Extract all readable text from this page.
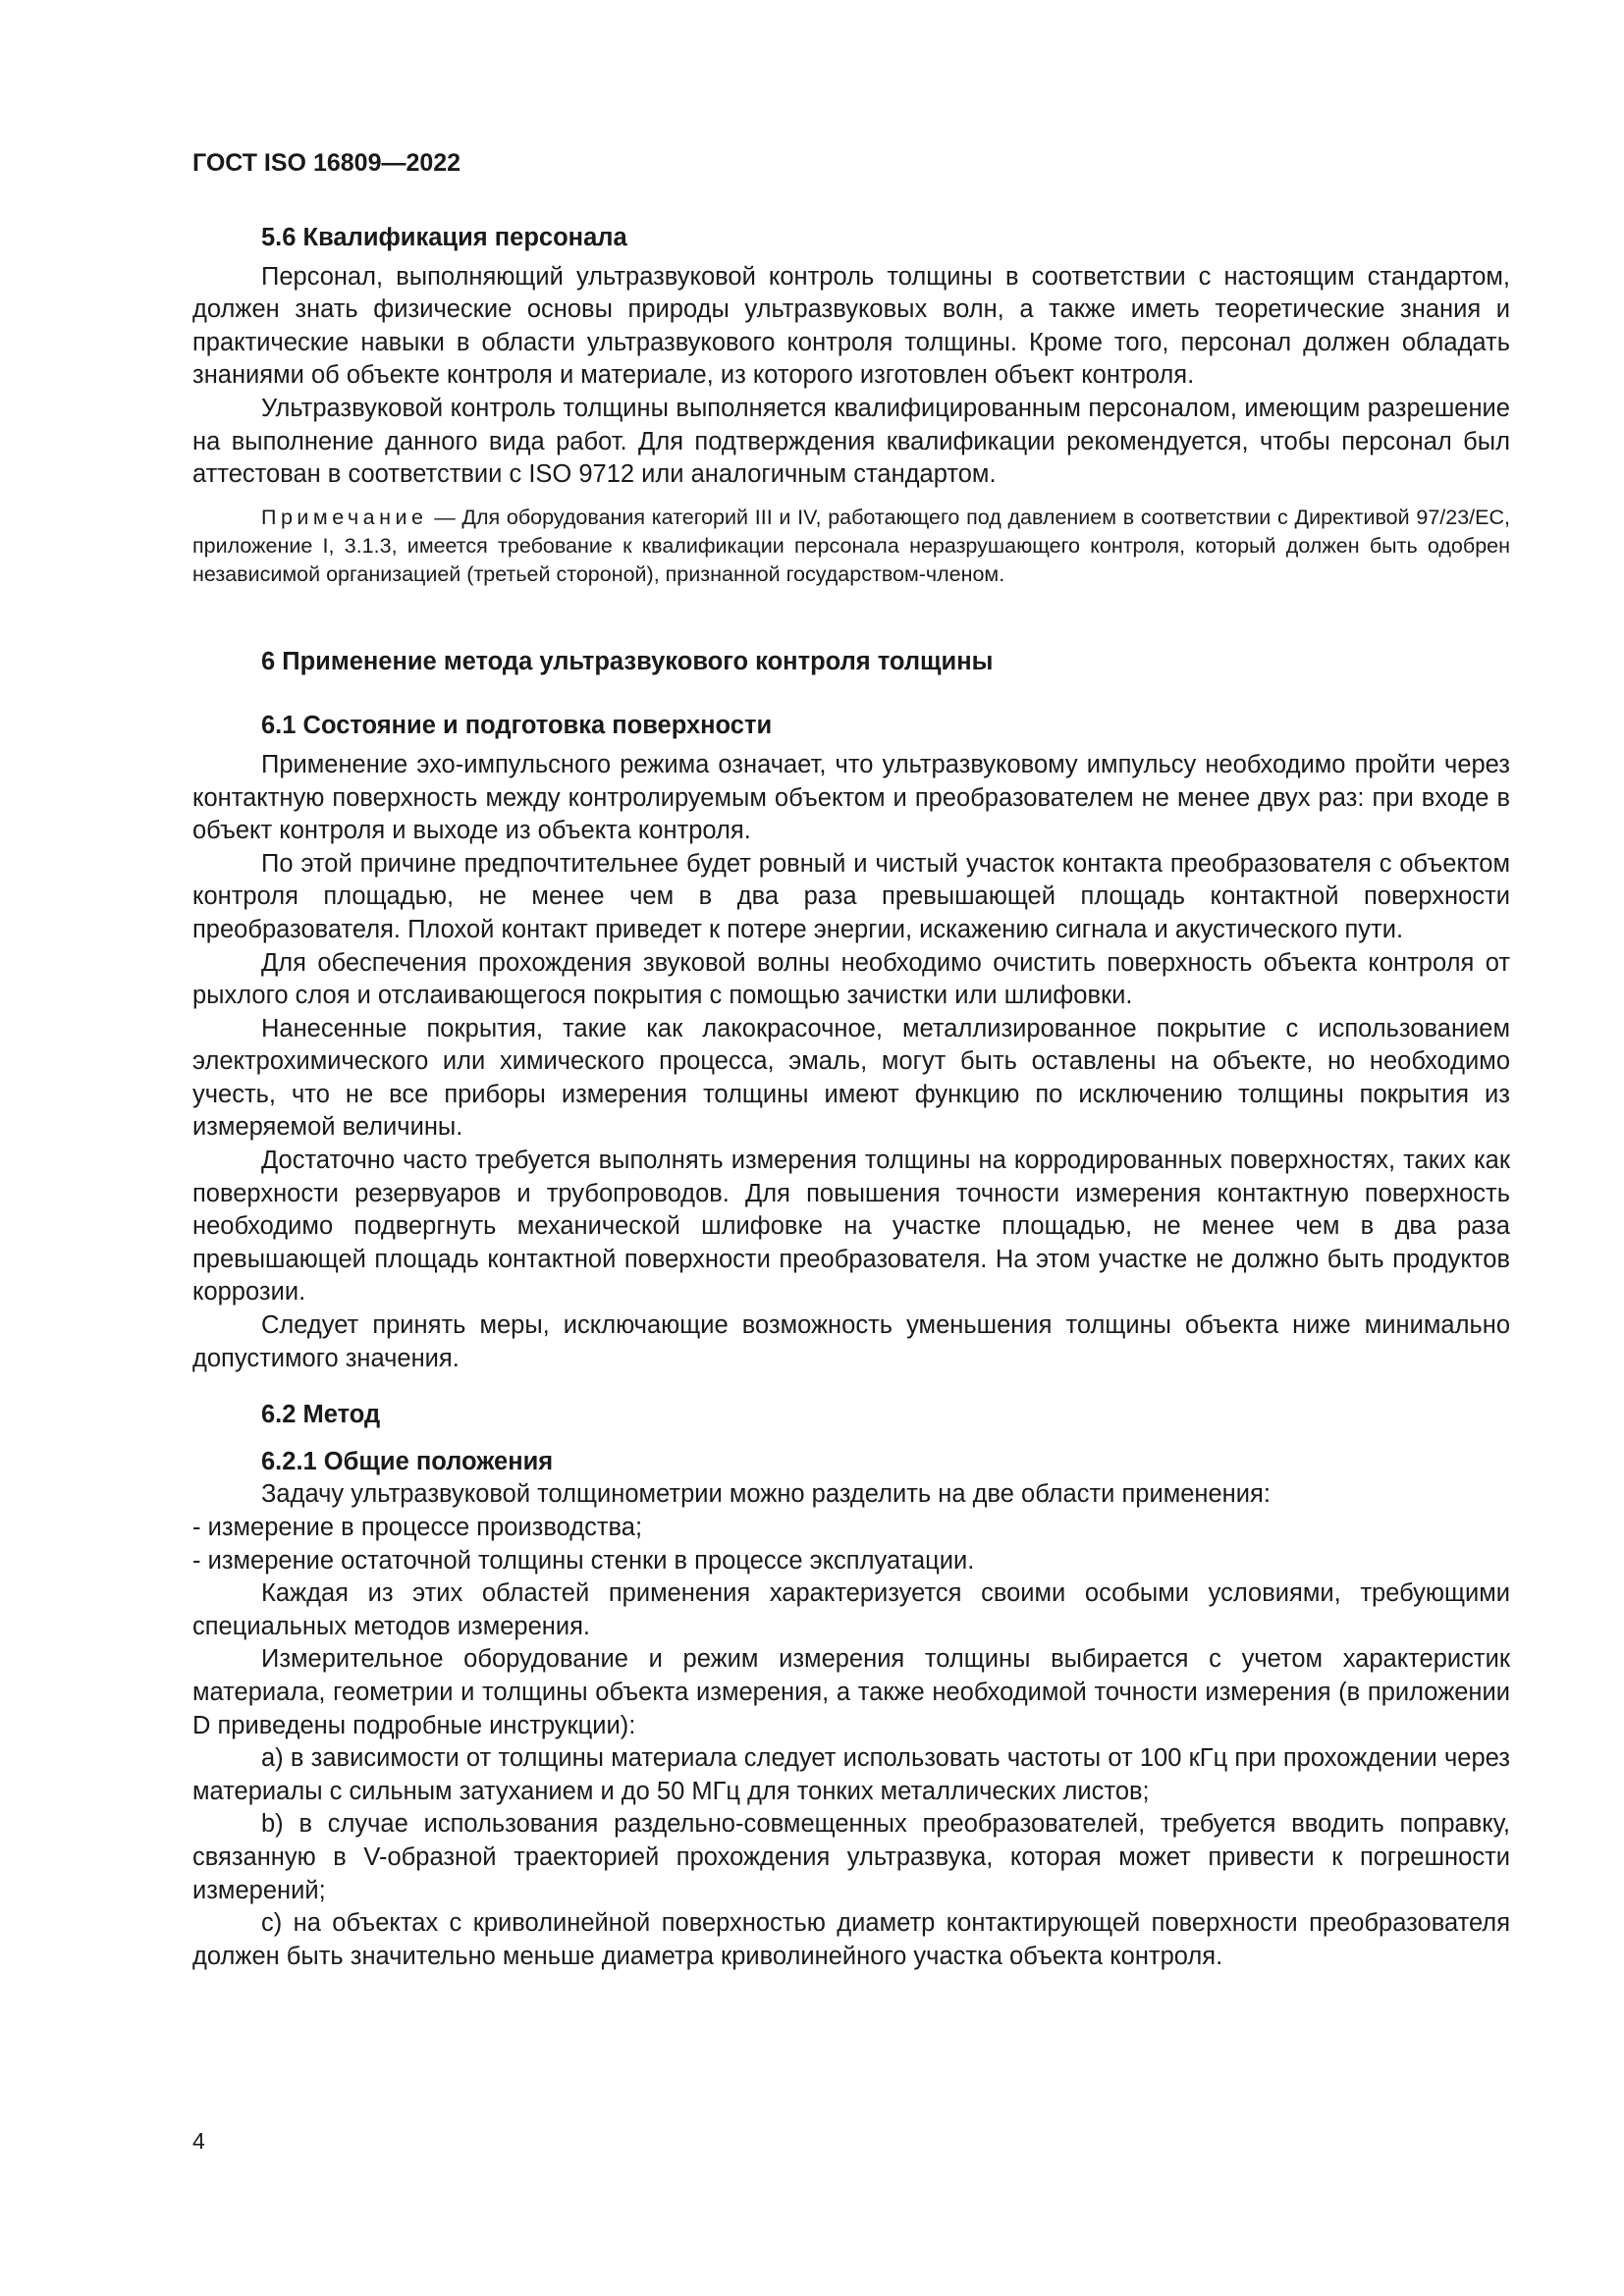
ГОСТ ISO 16809—2022

5.6 Квалификация персонала

Персонал, выполняющий ультразвуковой контроль толщины в соответствии с настоящим стандартом, должен знать физические основы природы ультразвуковых волн, а также иметь теоретические знания и практические навыки в области ультразвукового контроля толщины. Кроме того, персонал должен обладать знаниями об объекте контроля и материале, из которого изготовлен объект контроля.

Ультразвуковой контроль толщины выполняется квалифицированным персоналом, имеющим разрешение на выполнение данного вида работ. Для подтверждения квалификации рекомендуется, чтобы персонал был аттестован в соответствии с ISO 9712 или аналогичным стандартом.

Примечание — Для оборудования категорий III и IV, работающего под давлением в соответствии с Директивой 97/23/EC, приложение I, 3.1.3, имеется требование к квалификации персонала неразрушающего контроля, который должен быть одобрен независимой организацией (третьей стороной), признанной государством-членом.

6 Применение метода ультразвукового контроля толщины

6.1 Состояние и подготовка поверхности

Применение эхо-импульсного режима означает, что ультразвуковому импульсу необходимо пройти через контактную поверхность между контролируемым объектом и преобразователем не менее двух раз: при входе в объект контроля и выходе из объекта контроля.

По этой причине предпочтительнее будет ровный и чистый участок контакта преобразователя с объектом контроля площадью, не менее чем в два раза превышающей площадь контактной поверхности преобразователя. Плохой контакт приведет к потере энергии, искажению сигнала и акустического пути.

Для обеспечения прохождения звуковой волны необходимо очистить поверхность объекта контроля от рыхлого слоя и отслаивающегося покрытия с помощью зачистки или шлифовки.

Нанесенные покрытия, такие как лакокрасочное, металлизированное покрытие с использованием электрохимического или химического процесса, эмаль, могут быть оставлены на объекте, но необходимо учесть, что не все приборы измерения толщины имеют функцию по исключению толщины покрытия из измеряемой величины.

Достаточно часто требуется выполнять измерения толщины на корродированных поверхностях, таких как поверхности резервуаров и трубопроводов. Для повышения точности измерения контактную поверхность необходимо подвергнуть механической шлифовке на участке площадью, не менее чем в два раза превышающей площадь контактной поверхности преобразователя. На этом участке не должно быть продуктов коррозии.

Следует принять меры, исключающие возможность уменьшения толщины объекта ниже минимально допустимого значения.

6.2 Метод

6.2.1 Общие положения

Задачу ультразвуковой толщинометрии можно разделить на две области применения:

- измерение в процессе производства;

- измерение остаточной толщины стенки в процессе эксплуатации.

Каждая из этих областей применения характеризуется своими особыми условиями, требующими специальных методов измерения.

Измерительное оборудование и режим измерения толщины выбирается с учетом характеристик материала, геометрии и толщины объекта измерения, а также необходимой точности измерения (в приложении D приведены подробные инструкции):

а) в зависимости от толщины материала следует использовать частоты от 100 кГц при прохождении через материалы с сильным затуханием и до 50 МГц для тонких металлических листов;

b) в случае использования раздельно-совмещенных преобразователей, требуется вводить поправку, связанную в V-образной траекторией прохождения ультразвука, которая может привести к погрешности измерений;

с) на объектах с криволинейной поверхностью диаметр контактирующей поверхности преобразователя должен быть значительно меньше диаметра криволинейного участка объекта контроля.

4
